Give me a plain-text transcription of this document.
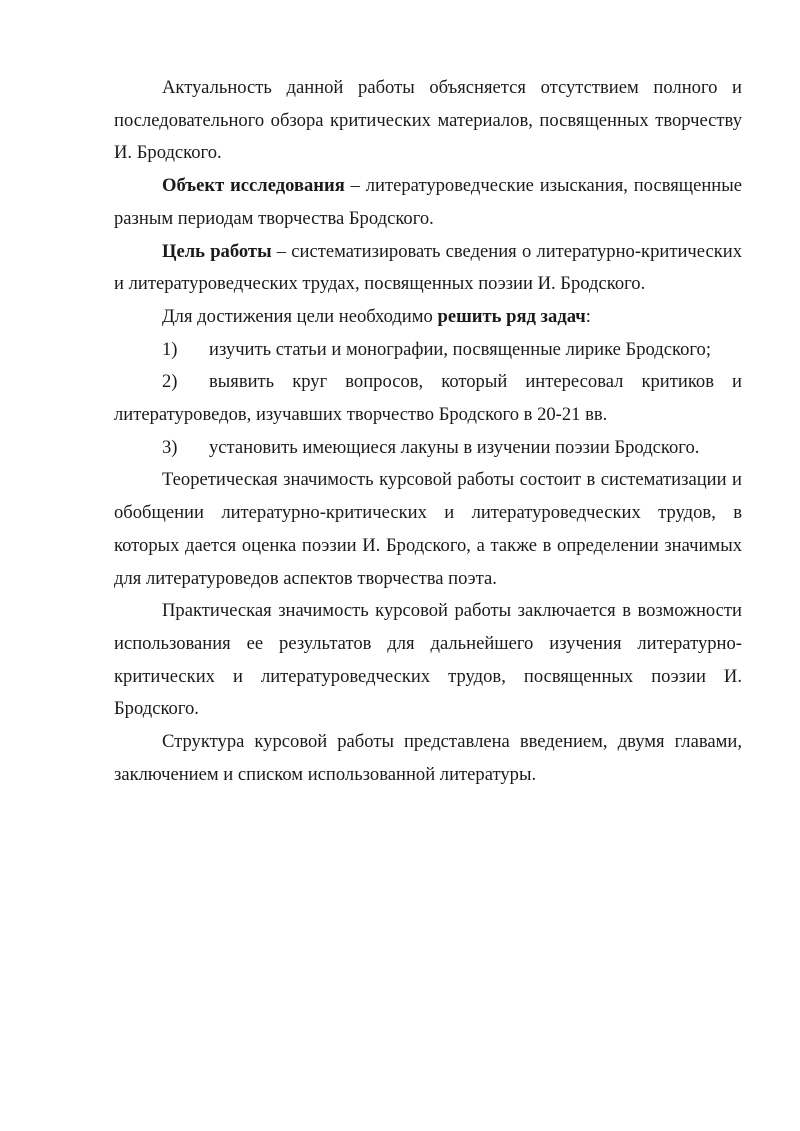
Актуальность данной работы объясняется отсутствием полного и последовательного обзора критических материалов, посвященных творчеству И. Бродского.

Объект исследования – литературоведческие изыскания, посвященные разным периодам творчества Бродского.

Цель работы – систематизировать сведения о литературно-критических и литературоведческих трудах, посвященных поэзии И. Бродского.

Для достижения цели необходимо решить ряд задач:

1) изучить статьи и монографии, посвященные лирике Бродского;

2) выявить круг вопросов, который интересовал критиков и литературоведов, изучавших творчество Бродского в 20-21 вв.

3) установить имеющиеся лакуны в изучении поэзии Бродского.

Теоретическая значимость курсовой работы состоит в систематизации и обобщении литературно-критических и литературоведческих трудов, в которых дается оценка поэзии И. Бродского, а также в определении значимых для литературоведов аспектов творчества поэта.

Практическая значимость курсовой работы заключается в возможности использования ее результатов для дальнейшего изучения литературно-критических и литературоведческих трудов, посвященных поэзии И. Бродского.

Структура курсовой работы представлена введением, двумя главами, заключением и списком использованной литературы.
